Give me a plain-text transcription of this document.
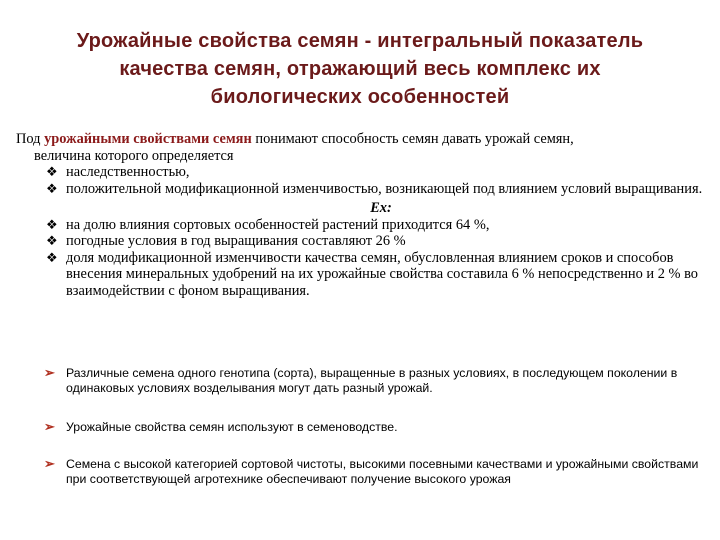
Урожайные свойства семян - интегральный показатель
качества семян, отражающий весь комплекс их
биологических особенностей

Под урожайными свойствами семян понимают способность семян давать урожай семян,

величина которого определяется
❖ наследственностью,
❖ положительной модификационной изменчивостью, возникающей под влиянием условий выращивания.
Ex:
❖ на долю влияния сортовых особенностей растений приходится 64 %,
❖ погодные условия в год выращивания составляют 26 %
❖ доля модификационной изменчивости качества семян, обусловленная влиянием сроков и способов внесения минеральных удобрений на их урожайные свойства составила 6 % непосредственно и 2 % во взаимодействии с фоном выращивания.
➢ Различные семена одного генотипа (сорта), выращенные в разных условиях, в последующем поколении в одинаковых условиях возделывания могут дать разный урожай.
➢ Урожайные свойства семян используют в семеноводстве.
➢ Семена с высокой категорией сортовой чистоты, высокими посевными качествами и урожайными свойствами при соответствующей агротехнике обеспечивают получение высокого урожая
